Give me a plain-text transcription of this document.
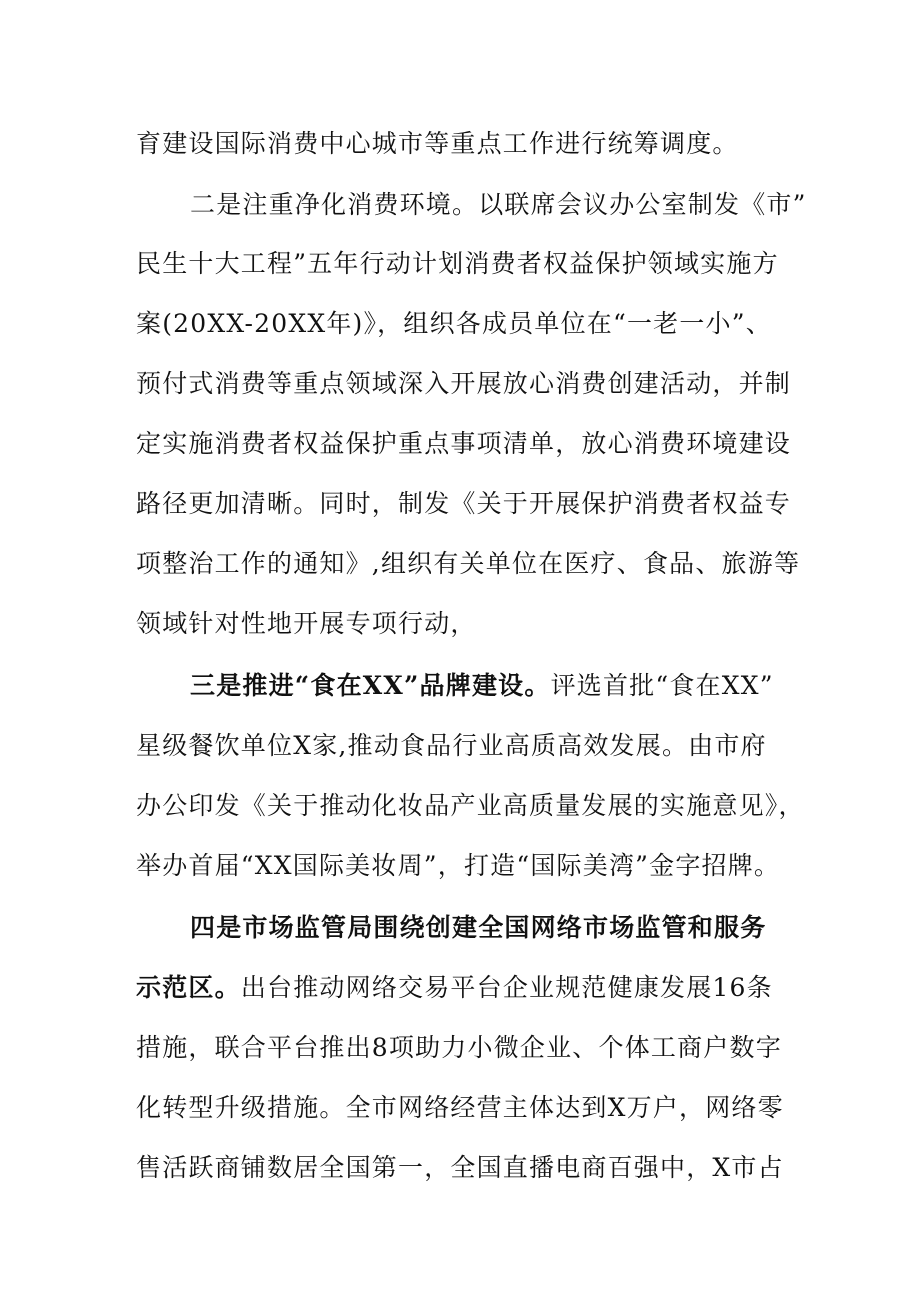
育建设国际消费中心城市等重点工作进行统筹调度。
二是注重净化消费环境。以联席会议办公室制发《市”
民生十大工程”五年行动计划消费者权益保护领域实施方
案(20XX-20XX年)》，组织各成员单位在“一老一小”、
预付式消费等重点领域深入开展放心消费创建活动，并制
定实施消费者权益保护重点事项清单，放心消费环境建设
路径更加清晰。同时，制发《关于开展保护消费者权益专
项整治工作的通知》,组织有关单位在医疗、食品、旅游等
领域针对性地开展专项行动，
三是推进“食在XX”品牌建设。评选首批“食在XX”
星级餐饮单位X家,推动食品行业高质高效发展。由市府
办公印发《关于推动化妆品产业高质量发展的实施意见》，
举办首届“XX国际美妆周”，打造“国际美湾”金字招牌。
四是市场监管局围绕创建全国网络市场监管和服务
示范区。出台推动网络交易平台企业规范健康发展16条
措施，联合平台推出8项助力小微企业、个体工商户数字
化转型升级措施。全市网络经营主体达到X万户，网络零
售活跃商铺数居全国第一，全国直播电商百强中，X市占
